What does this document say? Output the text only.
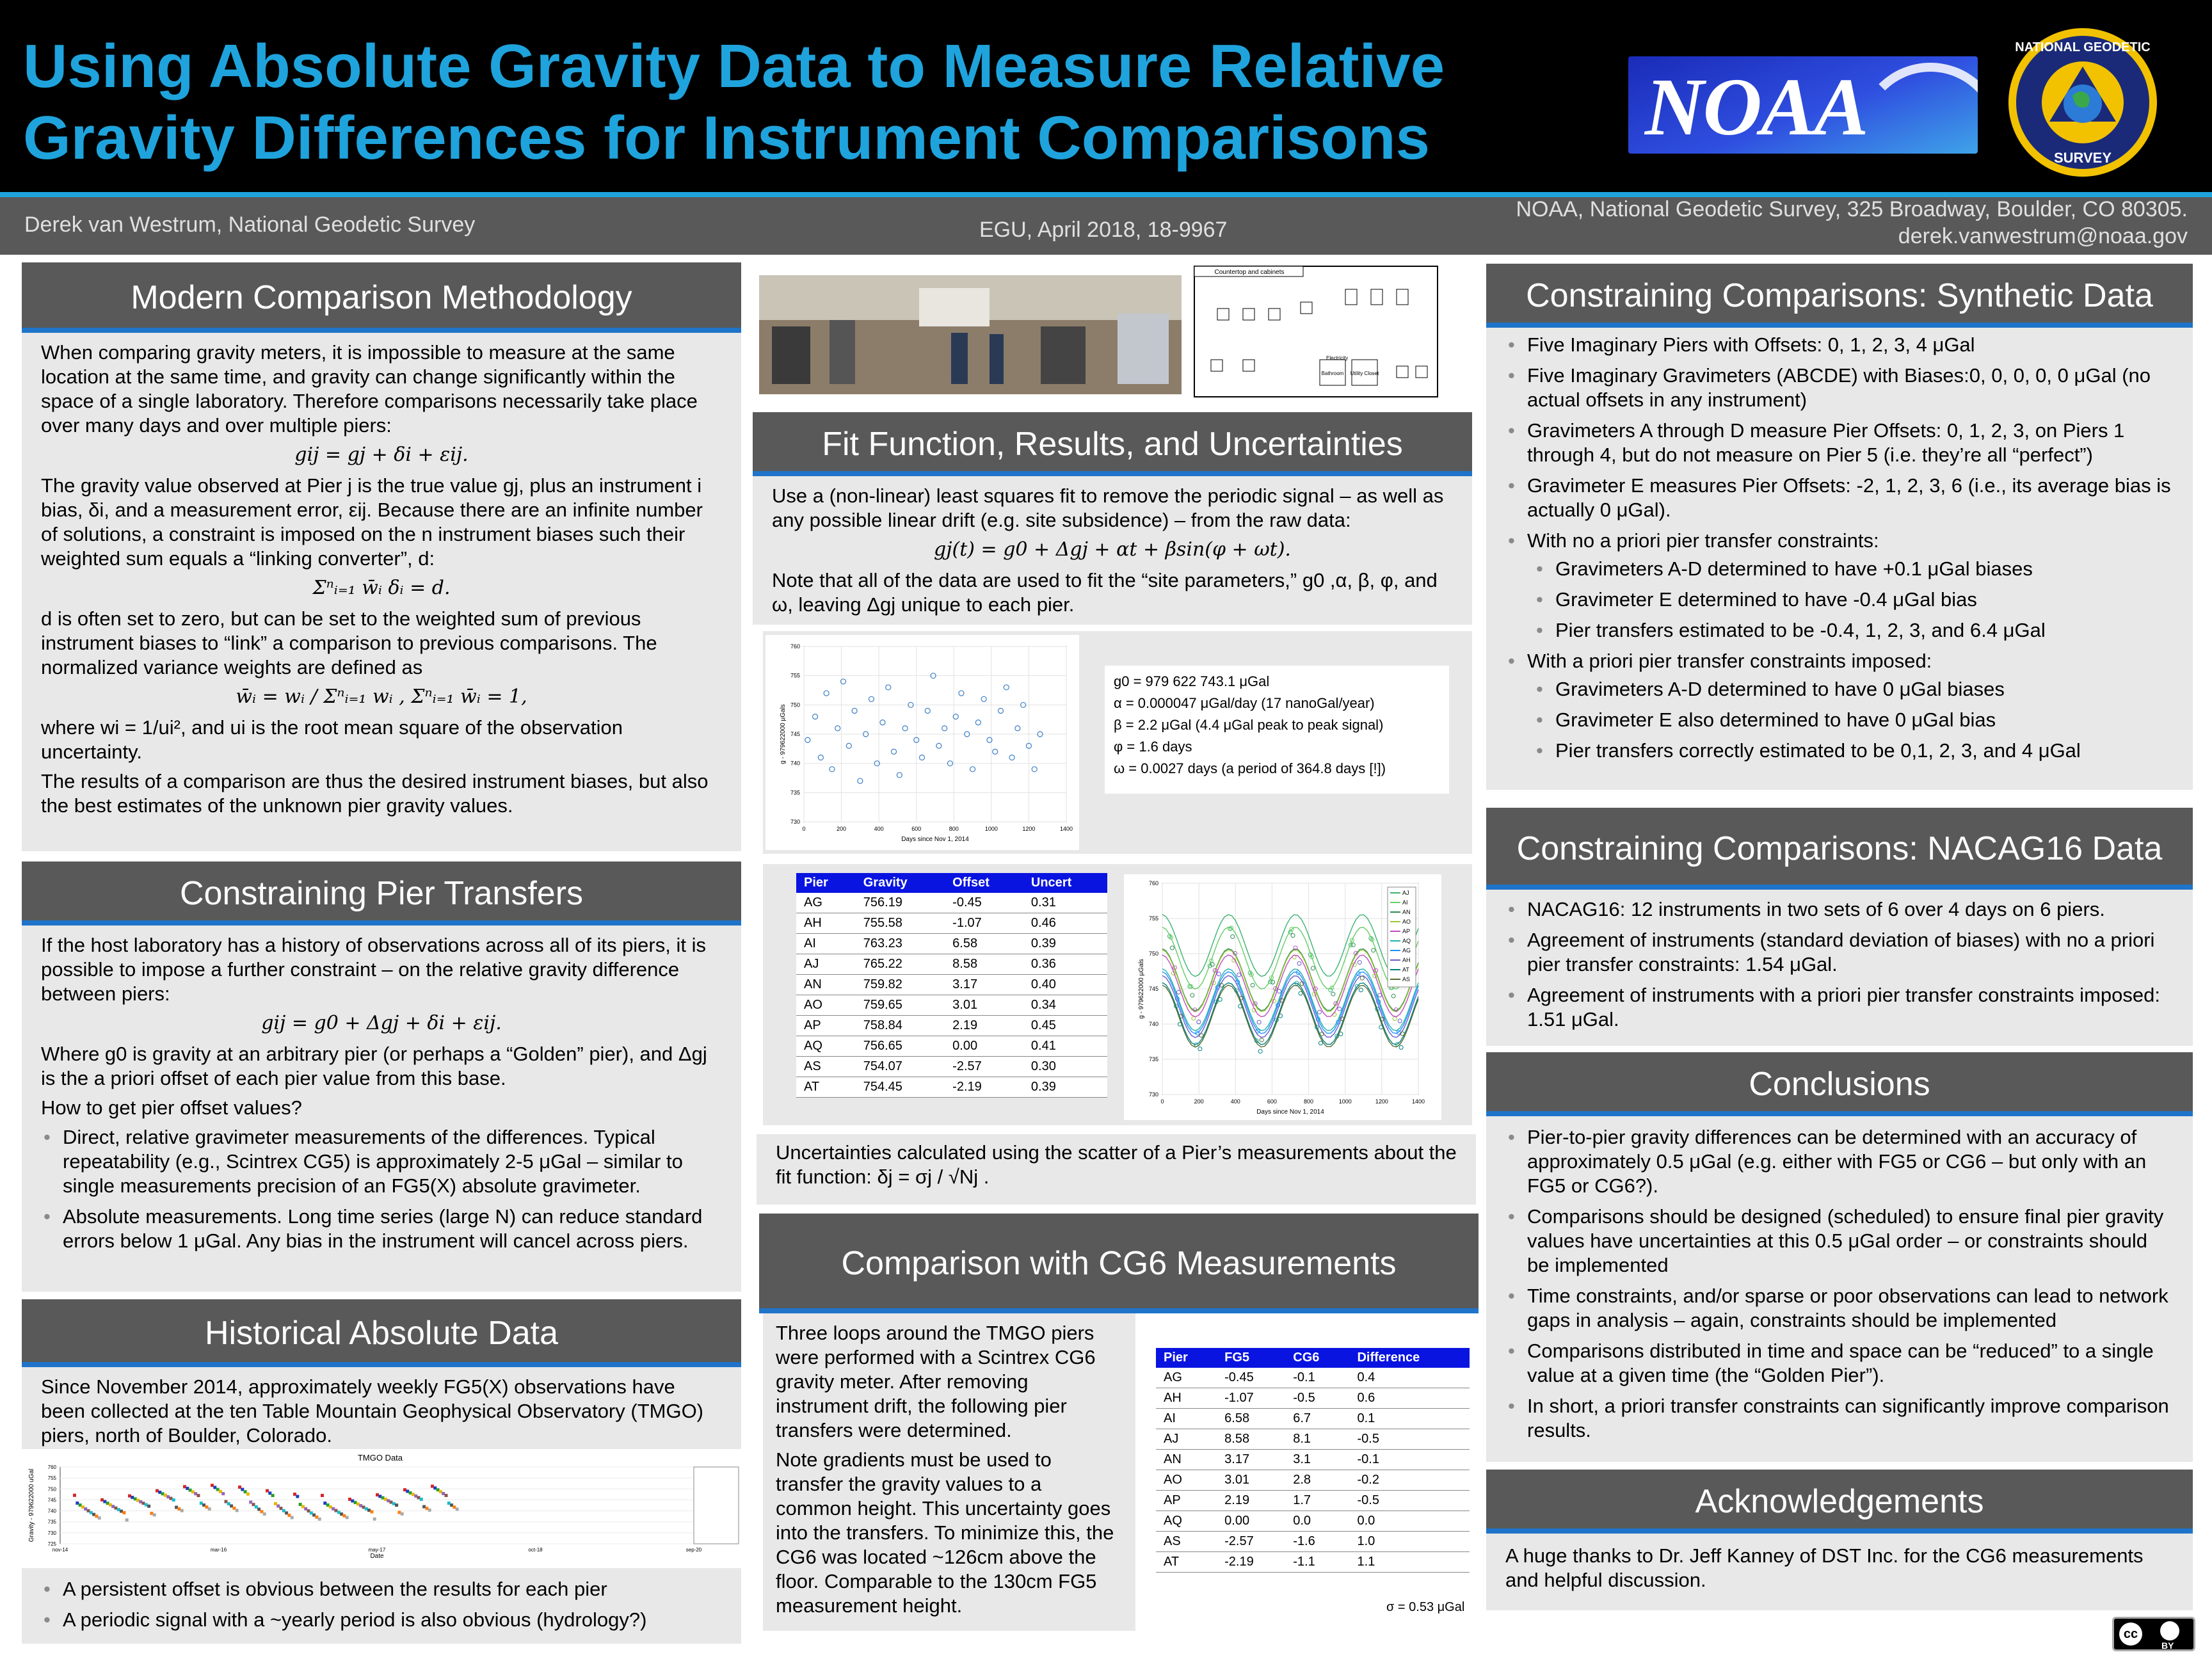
Using Absolute Gravity Data to Measure Relative
Gravity Differences for Instrument Comparisons	NOAA
NATIONAL GEODETIC
SURVEY
Derek van Westrum, National Geodetic Survey	EGU, April 2018, 18-9967
NOAA, National Geodetic Survey, 325 Broadway, Boulder, CO 80305.
derek.vanwestrum@noaa.gov
Modern Comparison Methodology

When comparing gravity meters, it is impossible to measure at the same location at the same time, and gravity can change significantly within the space of a single laboratory. Therefore comparisons necessarily take place over many days and over multiple piers:

gij = gj + δi + εij.

The gravity value observed at Pier j is the true value gj, plus an instrument i bias, δi, and a measurement error, εij. Because there are an infinite number of solutions, a constraint is imposed on the n instrument biases such their weighted sum equals a “linking converter”, d:

Σⁿᵢ₌₁ w̄ᵢ δᵢ = d.

d is often set to zero, but can be set to the weighted sum of previous instrument biases to “link” a comparison to previous comparisons. The normalized variance weights are defined as

w̄ᵢ = wᵢ / Σⁿᵢ₌₁ wᵢ , Σⁿᵢ₌₁ w̄ᵢ = 1,

where wi = 1/ui², and ui is the root mean square of the observation uncertainty.

The results of a comparison are thus the desired instrument biases, but also the best estimates of the unknown pier gravity values.

Constraining Pier Transfers

If the host laboratory has a history of observations across all of its piers, it is possible to impose a further constraint – on the relative gravity difference between piers:

gij = g0 + Δgj + δi + εij.

Where g0 is gravity at an arbitrary pier (or perhaps a “Golden” pier), and Δgj is the a priori offset of each pier value from this base.

How to get pier offset values?

• Direct, relative gravimeter measurements of the differences. Typical repeatability (e.g., Scintrex CG5) is approximately 2-5 μGal – similar to single measurements precision of an FG5(X) absolute gravimeter.
• Absolute measurements. Long time series (large N) can reduce standard errors below 1 μGal. Any bias in the instrument will cancel across piers.
Historical Absolute Data

Since November 2014, approximately weekly FG5(X) observations have been collected at the ten Table Mountain Geophysical Observatory (TMGO) piers, north of Boulder, Colorado.

TMGO Data
Gravity - 979622000 uGal
Date
760
755
750
745
740
735
730
725
nov-14	mar-16	may-17	oct-18	sep-20
• A persistent offset is obvious between the results for each pier
• A periodic signal with a ~yearly period is also obvious (hydrology?)
Countertop and cabinets
Bathroom Utility Closet
Electricity
Fit Function, Results, and Uncertainties

Use a (non-linear) least squares fit to remove the periodic signal – as well as any possible linear drift (e.g. site subsidence) – from the raw data:

gj(t) = g0 + Δgj + αt + βsin(φ + ωt).

Note that all of the data are used to fit the “site parameters,” g0 ,α, β, φ, and ω, leaving Δgj unique to each pier.

0	200	400	600	800	1000	1200	1400
730
735
740
745
750
755
760
Days since Nov 1, 2014
g - 979622000 µGals
g0 = 979 622 743.1 μGal
α = 0.000047 μGal/day (17 nanoGal/year)
β = 2.2 μGal (4.4 μGal peak to peak signal)
φ = 1.6 days
ω = 0.0027 days (a period of 364.8 days [!])
Pier	Gravity	Offset	Uncert
AG	756.19	-0.45	0.31
AH	755.58	-1.07	0.46
AI	763.23	6.58	0.39
AJ	765.22	8.58	0.36
AN	759.82	3.17	0.40
AO	759.65	3.01	0.34
AP	758.84	2.19	0.45
AQ	756.65	0.00	0.41
AS	754.07	-2.57	0.30
AT	754.45	-2.19	0.39
0	200	400	600	800	1000	1200	1400
730
735
740
745
750
755
760
Days since Nov 1, 2014
g - 979622000 µGals
AJ
AI
AN
AO
AP
AQ
AG
AH
AT
AS

Uncertainties calculated using the scatter of a Pier’s measurements about the fit function: δj = σj / √Nj .

Comparison with CG6 Measurements

Three loops around the TMGO piers were performed with a Scintrex CG6 gravity meter. After removing instrument drift, the following pier transfers were determined.

Note gradients must be used to transfer the gravity values to a common height. This uncertainty goes into the transfers. To minimize this, the CG6 was located ~126cm above the floor. Comparable to the 130cm FG5 measurement height.

Pier	FG5	CG6	Difference
AG	-0.45	-0.1	0.4
AH	-1.07	-0.5	0.6
AI	6.58	6.7	0.1
AJ	8.58	8.1	-0.5
AN	3.17	3.1	-0.1
AO	3.01	2.8	-0.2
AP	2.19	1.7	-0.5
AQ	0.00	0.0	0.0
AS	-2.57	-1.6	1.0
AT	-2.19	-1.1	1.1
σ = 0.53 μGal
Constraining Comparisons: Synthetic Data
• Five Imaginary Piers with Offsets: 0, 1, 2, 3, 4 μGal
• Five Imaginary Gravimeters (ABCDE) with Biases:0, 0, 0, 0, 0 μGal (no actual offsets in any instrument)
• Gravimeters A through D measure Pier Offsets: 0, 1, 2, 3, on Piers 1 through 4, but do not measure on Pier 5 (i.e. they’re all “perfect”)
• Gravimeter E measures Pier Offsets: -2, 1, 2, 3, 6 (i.e., its average bias is actually 0 μGal).
• With no a priori pier transfer constraints:
• Gravimeters A-D determined to have +0.1 μGal biases
• Gravimeter E determined to have -0.4 μGal bias
• Pier transfers estimated to be -0.4, 1, 2, 3, and 6.4 μGal
• With a priori pier transfer constraints imposed:
• Gravimeters A-D determined to have 0 μGal biases
• Gravimeter E also determined to have 0 μGal bias
• Pier transfers correctly estimated to be 0,1, 2, 3, and 4 μGal
Constraining Comparisons: NACAG16 Data
• NACAG16: 12 instruments in two sets of 6 over 4 days on 6 piers.
• Agreement of instruments (standard deviation of biases) with no a priori pier transfer constraints: 1.54 μGal.
• Agreement of instruments with a priori pier transfer constraints imposed: 1.51 μGal.
Conclusions
• Pier-to-pier gravity differences can be determined with an accuracy of approximately 0.5 μGal (e.g. either with FG5 or CG6 – but only with an FG5 or CG6?).
• Comparisons should be designed (scheduled) to ensure final pier gravity values have uncertainties at this 0.5 μGal order – or constraints should be implemented
• Time constraints, and/or sparse or poor observations can lead to network gaps in analysis – again, constraints should be implemented
• Comparisons distributed in time and space can be “reduced” to a single value at a given time (the “Golden Pier”).
• In short, a priori transfer constraints can significantly improve comparison results.
Acknowledgements

A huge thanks to Dr. Jeff Kanney of DST Inc. for the CG6 measurements and helpful discussion.

cc
BY
